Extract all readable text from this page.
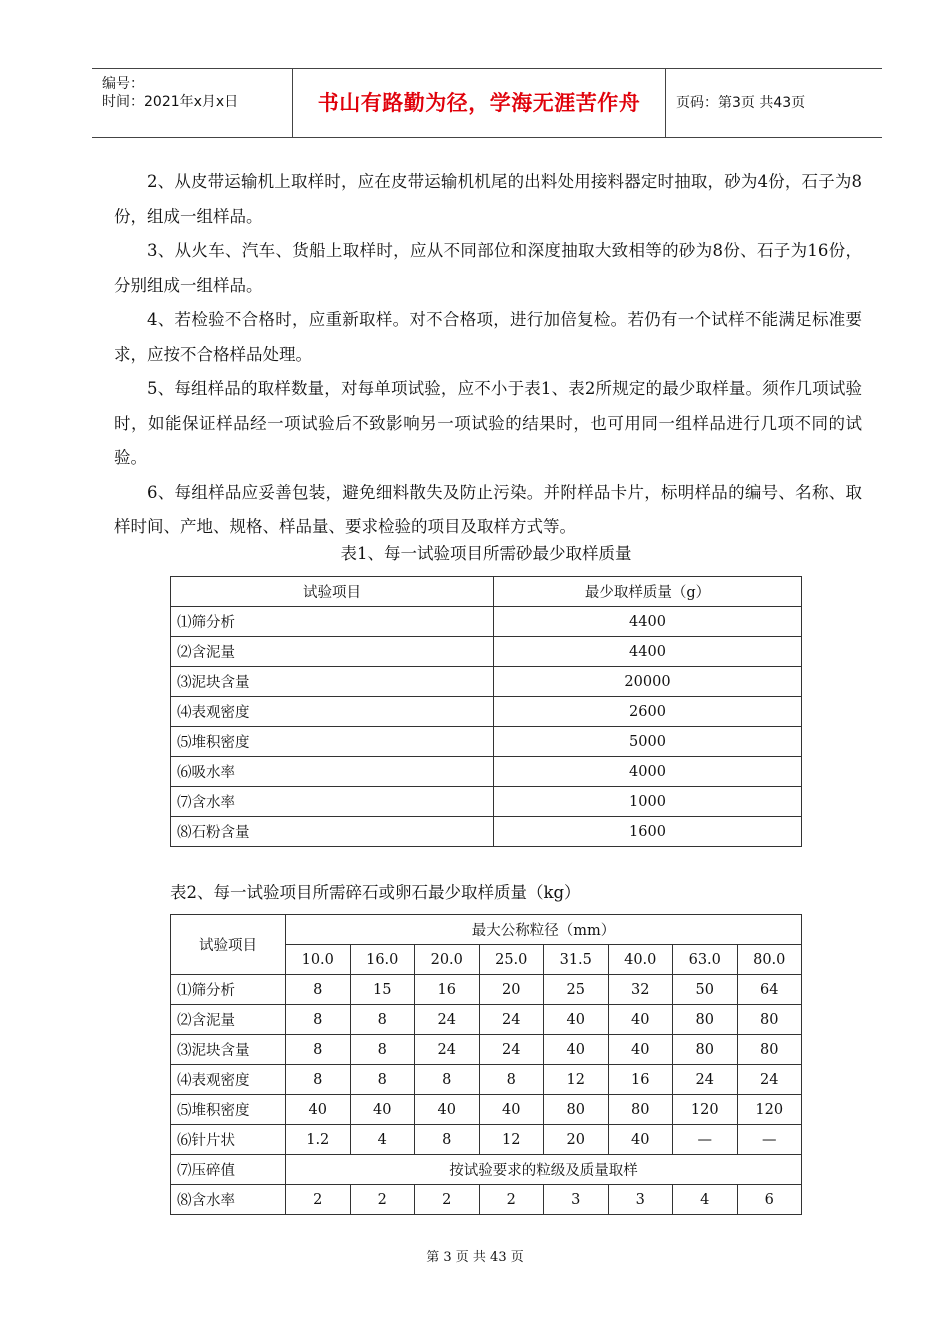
编号：
时间：2021年x月x日	书山有路勤为径，学海无涯苦作舟	页码：第3页 共43页

2、从皮带运输机上取样时，应在皮带运输机机尾的出料处用接料器定时抽取，砂为4份，石子为8份，组成一组样品。

3、从火车、汽车、货船上取样时，应从不同部位和深度抽取大致相等的砂为8份、石子为16份，分别组成一组样品。

4、若检验不合格时，应重新取样。对不合格项，进行加倍复检。若仍有一个试样不能满足标准要求，应按不合格样品处理。

5、每组样品的取样数量，对每单项试验，应不小于表1、表2所规定的最少取样量。须作几项试验时，如能保证样品经一项试验后不致影响另一项试验的结果时，也可用同一组样品进行几项不同的试验。

6、每组样品应妥善包装，避免细料散失及防止污染。并附样品卡片，标明样品的编号、名称、取样时间、产地、规格、样品量、要求检验的项目及取样方式等。

表1、每一试验项目所需砂最少取样质量
试验项目	最少取样质量（g）
⑴筛分析	4400
⑵含泥量	4400
⑶泥块含量	20000
⑷表观密度	2600
⑸堆积密度	5000
⑹吸水率	4000
⑺含水率	1000
⑻石粉含量	1600
表2、每一试验项目所需碎石或卵石最少取样质量（kg）
试验项目	最大公称粒径（mm）							
	10.0	16.0	20.0	25.0	31.5	40.0	63.0	80.0
⑴筛分析	8	15	16	20	25	32	50	64
⑵含泥量	8	8	24	24	40	40	80	80
⑶泥块含量	8	8	24	24	40	40	80	80
⑷表观密度	8	8	8	8	12	16	24	24
⑸堆积密度	40	40	40	40	80	80	120	120
⑹针片状	1.2	4	8	12	20	40	—	—
⑺压碎值	按试验要求的粒级及质量取样							
⑻含水率	2	2	2	2	3	3	4	6
第 3 页 共 43 页
